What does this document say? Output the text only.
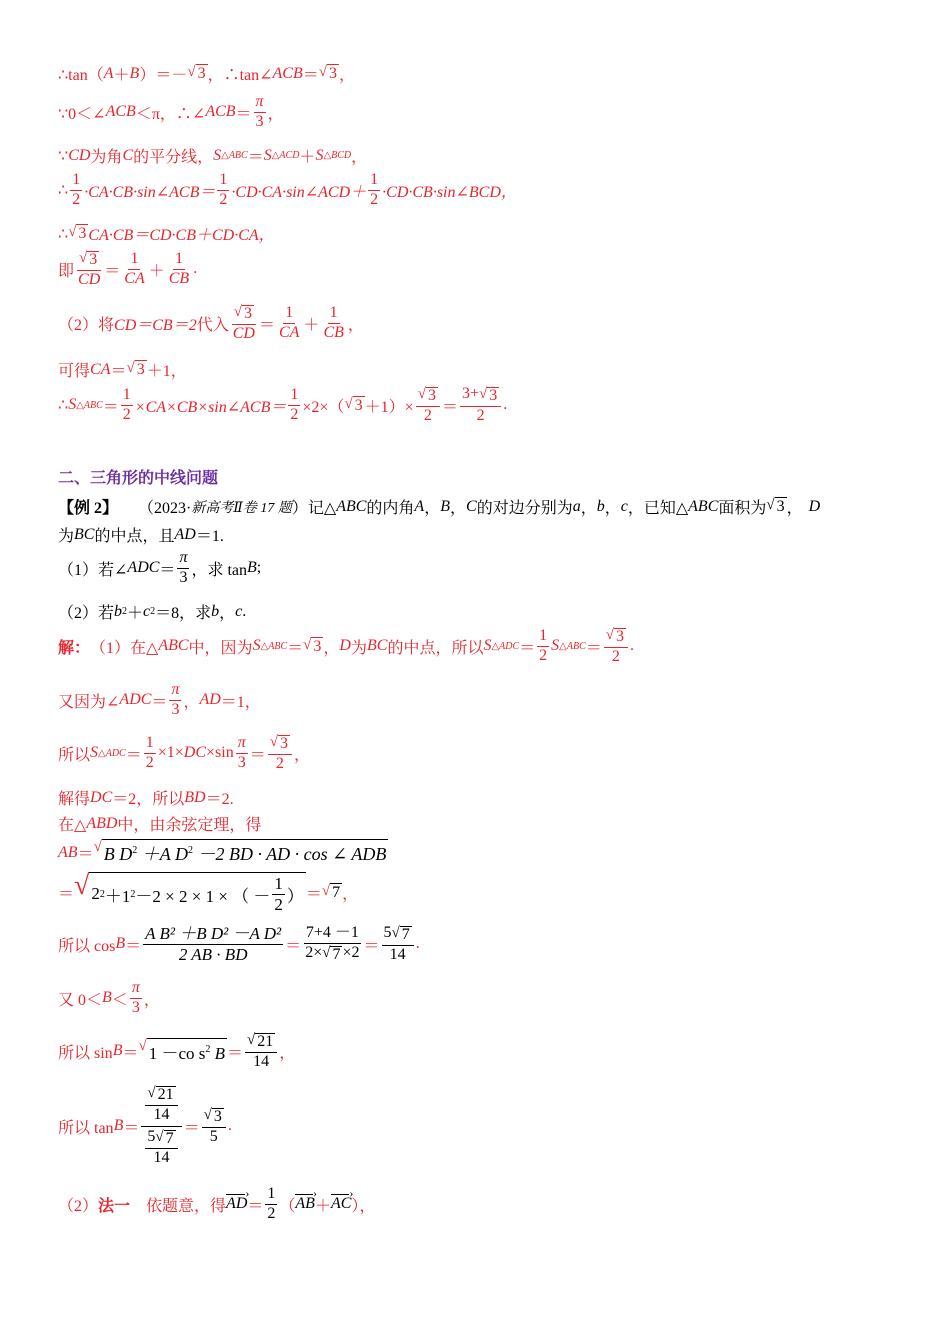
∴tan（ A ＋ B ）＝－ √ 3 ，∴tan∠ ACB ＝ √ 3 ，
∵0＜∠ ACB ＜π，∴∠ ACB ＝ $\frac{\pi}{3}$ ，
∵ CD 为角 C 的平分线， S △ABC ＝ S △ACD ＋ S △BCD ，
∴ $\frac{1}{2}$ ·CA·CB·sin∠ACB＝ $\frac{1}{2}$ ·CD·CA·sin∠ACD＋ $\frac{1}{2}$ ·CD·CB·sin∠BCD，
∴ √ 3 CA·CB＝CD·CB＋CD·CA，
即 $\frac{√ 3}{CD} = \frac{1}{CA} + \frac{1}{CB}$ .
（2）将 CD＝CB＝2 代入 $\frac{√ 3}{CD} = \frac{1}{CA} + \frac{1}{CB}$ ，
可得 CA ＝ √ 3 ＋1，
∴ S △ABC ＝ $\frac{1}{2}$ ×CA×CB×sin∠ACB＝ $\frac{1}{2} \times 2\times$（ √ $3 +1)\times \frac{√ 3}{2} = \frac{3+ √ 3}{2}$ .
二、三角形的中线问题
【例 2】 （2023· 新高考Ⅱ卷 17 题 ）记△ ABC 的内角 A ， B ， C 的对边分别为 a ， b ， c ，已知△ ABC 面积为 √ 3 ， D
为 BC 的中点，且 AD ＝1.
（1）若∠ ADC ＝ $\frac{\pi}{3}$ ，求 tan B ;
（2）若 b 2 ＋ c 2 ＝8，求 b ， c .
解： （1）在△ ABC 中，因为 S △ABC ＝ √ 3 ， D 为 BC 的中点，所以 S △ADC ＝ $\frac{1}{2}$ S △ABC ＝ $\frac{√ 3}{2}$ .
又因为∠ ADC ＝ $\frac{\pi}{3}$ ， AD ＝1，
所以 S △ADC ＝ $\frac{1}{2} \times 1\times$ DC $\times\sin \frac{\pi}{3} = \frac{√ 3}{2}$ ，
解得 DC ＝2，所以 BD ＝2.
在△ ABD 中，由余弦定理，得
AB ＝ √ B $D^2 +A$ $D^2 -2$ BD · AD · cos ∠ ADB
＝ √ 2 2 ＋1 2 －2 × 2 × 1 × （ － $\frac{1}{2}$ ） ＝ √ 7 ，
所以 $\cos B = \frac{\text{A B² ＋B D² －A D²}}{2 AB \cdot BD} = \frac{7+4 -1}{2\times √ 7 \times 2} = \frac{5 √ 7}{14}$ .
又 $0< B < \frac{\pi}{3}$ ，
所以 sin B ＝ √ 1 －co $s^2$ $B = \frac{√ 21}{14}$ ，
所以 $\tan B = \frac{\frac{√ 21}{14}}{\frac{5 √ 7}{14}} = \frac{√ 3}{5}$ .
（2） 法一 　依题意，得 AD › ＝ $\frac{1}{2}$ （ AB › ＋ AC › ），
